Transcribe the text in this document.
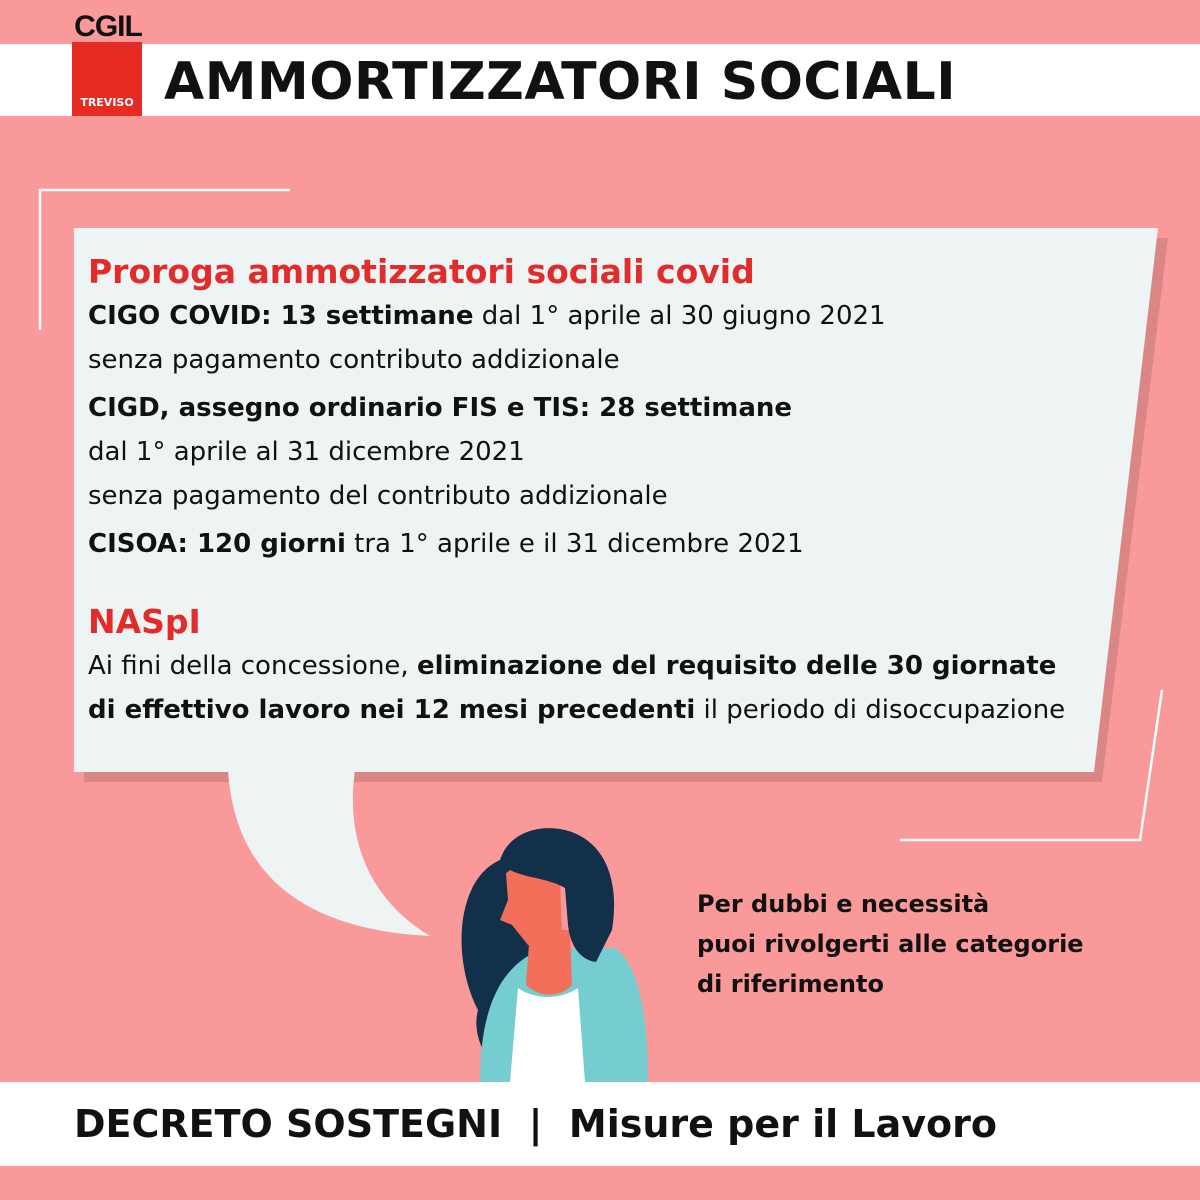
AMMORTIZZATORI SOCIALI
CGIL
TREVISO
Proroga ammotizzatori sociali covid
CIGO COVID: 13 settimane dal 1° aprile al 30 giugno 2021
senza pagamento contributo addizionale
CIGD, assegno ordinario FIS e TIS: 28 settimane
dal 1° aprile al 31 dicembre 2021
senza pagamento del contributo addizionale
CISOA: 120 giorni tra 1° aprile e il 31 dicembre 2021
NASpI
Ai fini della concessione, eliminazione del requisito delle 30 giornate
di effettivo lavoro nei 12 mesi precedenti il periodo di disoccupazione
Per dubbi e necessità
puoi rivolgerti alle categorie
di riferimento
DECRETO SOSTEGNI  |  Misure per il Lavoro
